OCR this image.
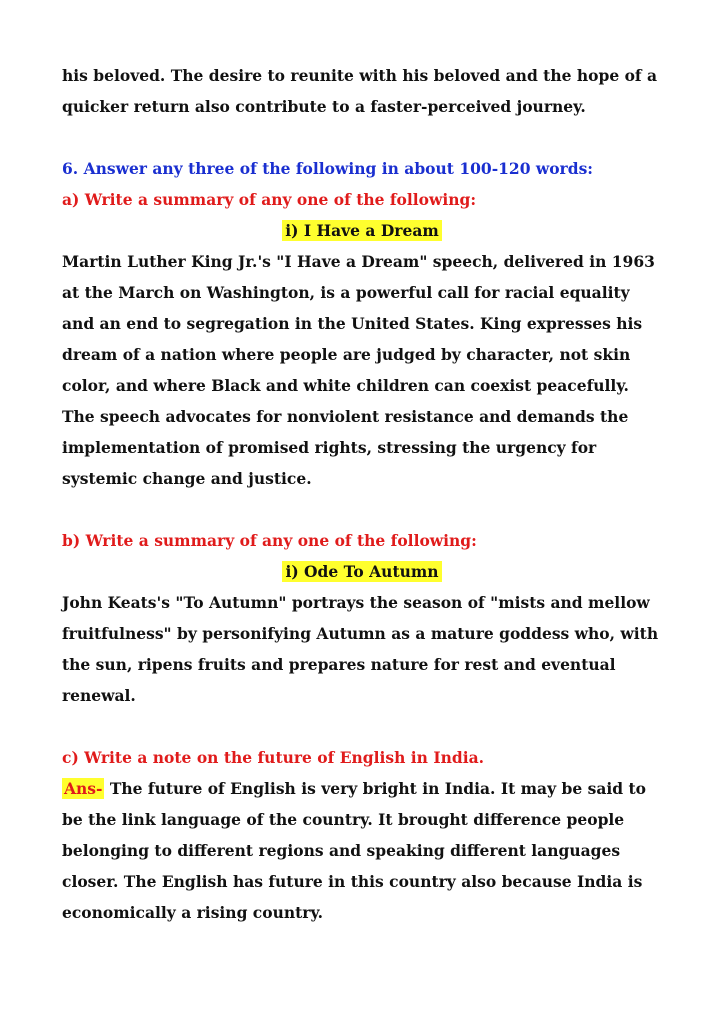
his beloved. The desire to reunite with his beloved and the hope of a quicker return also contribute to a faster-perceived journey.

6. Answer any three of the following in about 100-120 words:

a) Write a summary of any one of the following:

i) I Have a Dream

Martin Luther King Jr.'s "I Have a Dream" speech, delivered in 1963 at the March on Washington, is a powerful call for racial equality and an end to segregation in the United States. King expresses his dream of a nation where people are judged by character, not skin color, and where Black and white children can coexist peacefully. The speech advocates for nonviolent resistance and demands the implementation of promised rights, stressing the urgency for systemic change and justice.

b) Write a summary of any one of the following:

i) Ode To Autumn

John Keats's "To Autumn" portrays the season of "mists and mellow fruitfulness" by personifying Autumn as a mature goddess who, with the sun, ripens fruits and prepares nature for rest and eventual renewal.

c) Write a note on the future of English in India.

Ans- The future of English is very bright in India. It may be said to be the link language of the country. It brought difference people belonging to different regions and speaking different languages closer. The English has future in this country also because India is economically a rising country.
